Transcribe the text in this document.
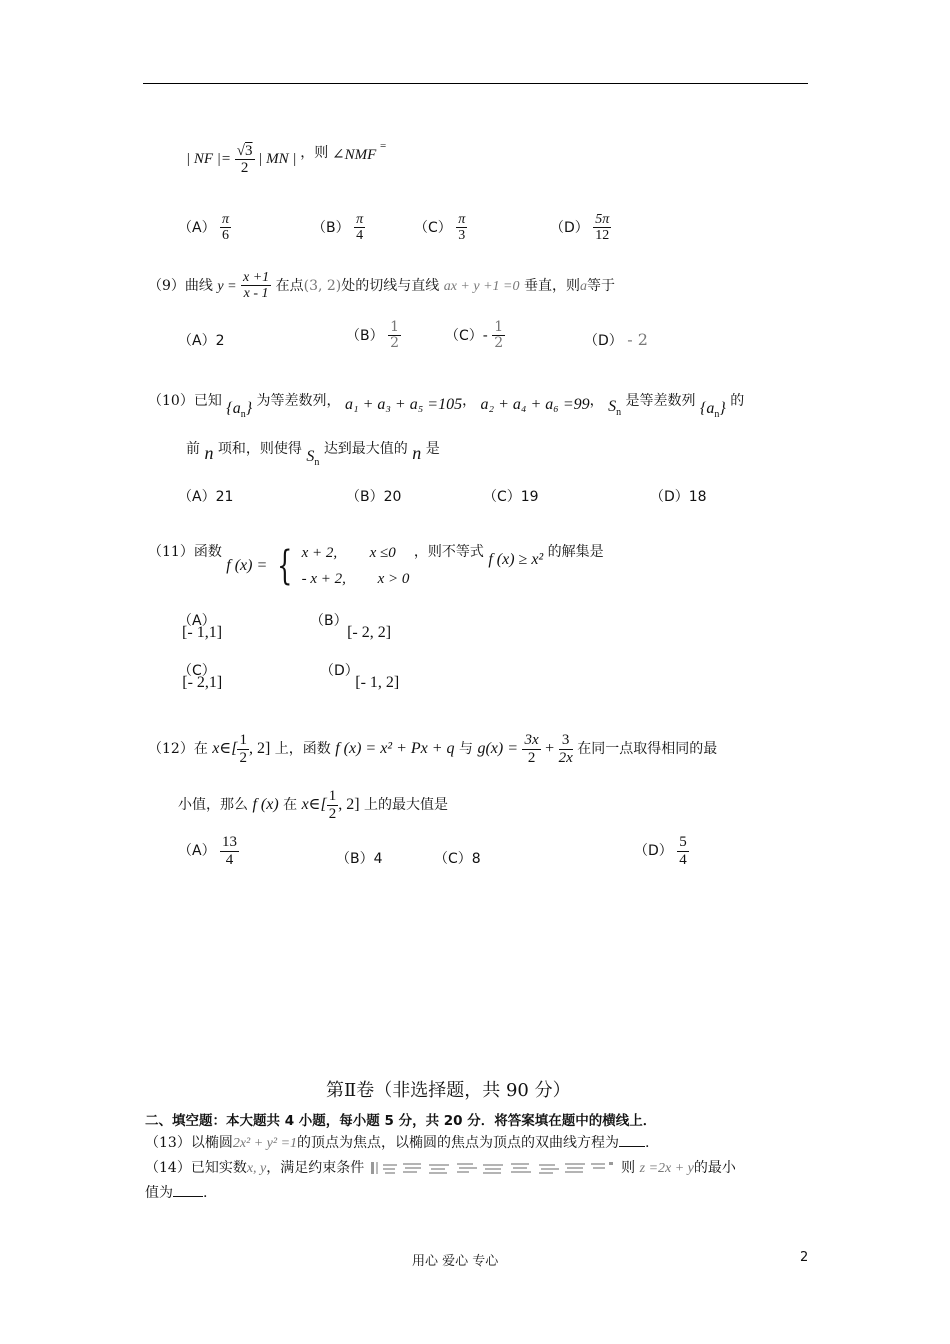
| NF |= $\frac{√3}{2}$ | MN | ，则 ∠NMF =
$(A) \frac{\pi}{6}$	$(B) \frac{\pi}{4}$	$(C) \frac{\pi}{3}$	$(D) \frac{5\pi}{12}$
（9）曲线 $y = \frac{x +1}{x - 1}$ 在点(3, 2)处的切线与直线 ax + y +1 =0 垂直，则a等于
（A）2	$(B) \frac{1}{2}$	$(C)- \frac{1}{2}$	（D） - 2
（10）已知 $\{a_n\}$ 为等差数列， a₁ + a₃ + a₅ =105， a₂ + a₄ + a₆ =99， $S_n$ 是等差数列 $\{a_n\}$ 的
前 n 项和，则使得 $S_n$ 达到最大值的 n 是
（A）21	（B）20	（C）19	（D）18
（11）函数 f (x) = { x + 2, x ≤0
- x + 2, x > 0
，则不等式 f (x) ≥ x² 的解集是
（A） [- 1,1]
（B） [- 2, 2]
（C） [- 2,1]
（D） [- 1, 2]
（12）在 x∈[ $\frac{1}{2}$ , 2] 上，函数 f (x) = x² + Px + q 与 $g(x) = \frac{3x}{2} + \frac{3}{2x}$ 在同一点取得相同的最
小值，那么 f (x) 在 x∈[ $\frac{1}{2}$ , 2] 上的最大值是
$(A) \frac{13}{4}$	（B）4	（C）8	$(D) \frac{5}{4}$
第Ⅱ卷（非选择题，共 90 分）
二、填空题：本大题共 4 小题，每小题 5 分，共 20 分．将答案填在题中的横线上．
（13）以椭圆2x² + y² =1的顶点为焦点，以椭圆的焦点为顶点的双曲线方程为 .
（14）已知实数x, y，满足约束条件	则 z =2x + y的最小
值为 .
用心 爱心 专心	2
